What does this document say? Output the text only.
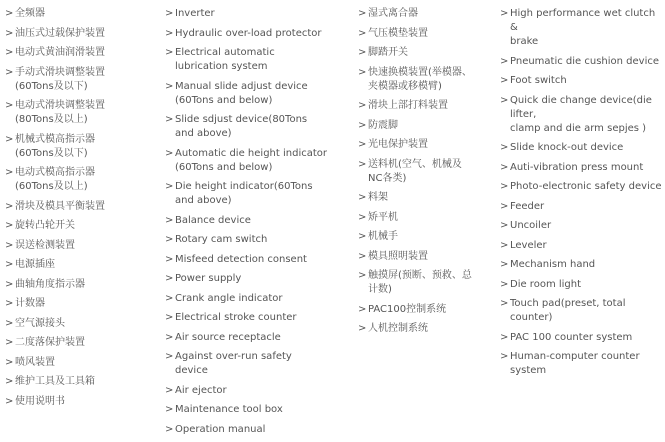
> 全频器
> 油压式过载保护装置
> 电动式黄油润滑装置
> 手动式滑块调整装置
(60Tons及以下)
> 电动式滑块调整装置
(80Tons及以上)
> 机械式模高指示器
(60Tons及以下)
> 电动式模高指示器
(60Tons及以上)
> 滑块及模具平衡装置
> 旋转凸轮开关
> 误送检测装置
> 电源插座
> 曲轴角度指示器
> 计数器
> 空气源接头
> 二度落保护装置
> 喷风装置
> 维护工具及工具箱
> 使用说明书
> Inverter
> Hydraulic over-load protector
> Electrical automatic
lubrication system
> Manual slide adjust device
(60Tons and below)
> Slide sdjust device(80Tons
and above)
> Automatic die height indicator
(60Tons and below)
> Die height indicator(60Tons
and above)
> Balance device
> Rotary cam switch
> Misfeed detection consent
> Power supply
> Crank angle indicator
> Electrical stroke counter
> Air source receptacle
> Against over-run safety
device
> Air ejector
> Maintenance tool box
> Operation manual
> 湿式离合器
> 气压模垫装置
> 脚踏开关
> 快速换模装置(举模器、
夹模器或移模臂)
> 滑块上部打料装置
> 防震脚
> 光电保护装置
> 送料机(空气、机械及
NC各类)
> 料架
> 矫平机
> 机械手
> 模具照明装置
> 触摸屏(预断、预救、总
计数)
> PAC100控制系统
> 人机控制系统
> High performance wet clutch &
brake
> Pneumatic die cushion device
> Foot switch
> Quick die change device(die lifter,
clamp and die arm sepjes )
> Slide knock-out device
> Auti-vibration press mount
> Photo-electronic safety device
> Feeder
> Uncoiler
> Leveler
> Mechanism hand
> Die room light
> Touch pad(preset, total counter)
> PAC 100 counter system
> Human-computer counter system
